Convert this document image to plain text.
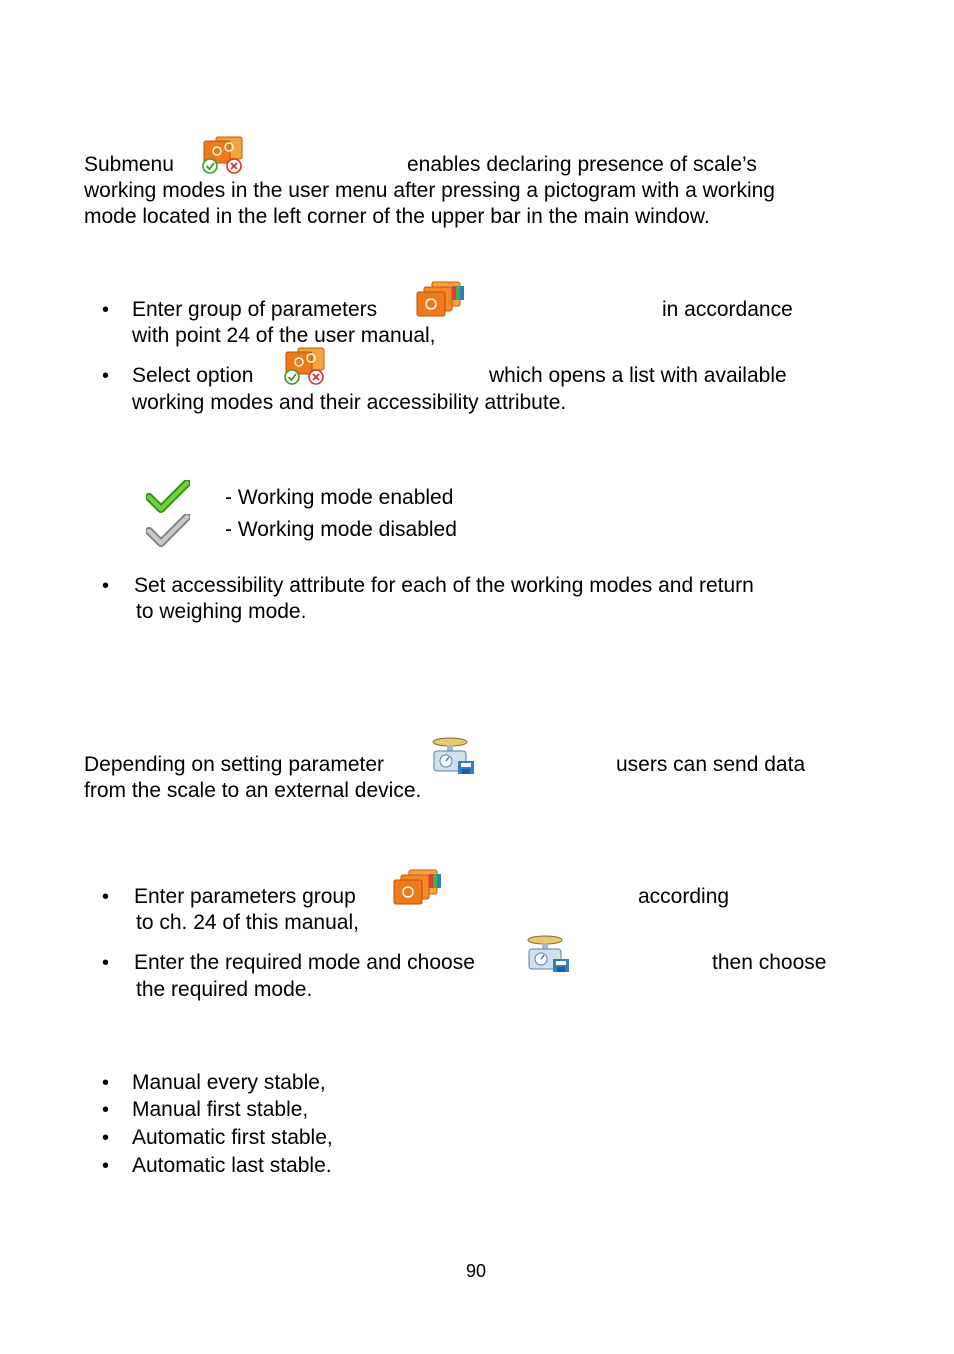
Submenu	enables declaring presence of scale’s
working modes in the user menu after pressing a pictogram with a working
mode located in the left corner of the upper bar in the main window.
• Enter group of parameters	in accordance
with point 24 of the user manual,
• Select option	which opens a list with available
working modes and their accessibility attribute.
- Working mode enabled
- Working mode disabled
• Set accessibility attribute for each of the working modes and return
to weighing mode.
Depending on setting parameter	users can send data
from the scale to an external device.
• Enter parameters group	according
to ch. 24 of this manual,
• Enter the required mode and choose	then choose
the required mode.
• Manual every stable,
• Manual first stable,
• Automatic first stable,
• Automatic last stable.
90
